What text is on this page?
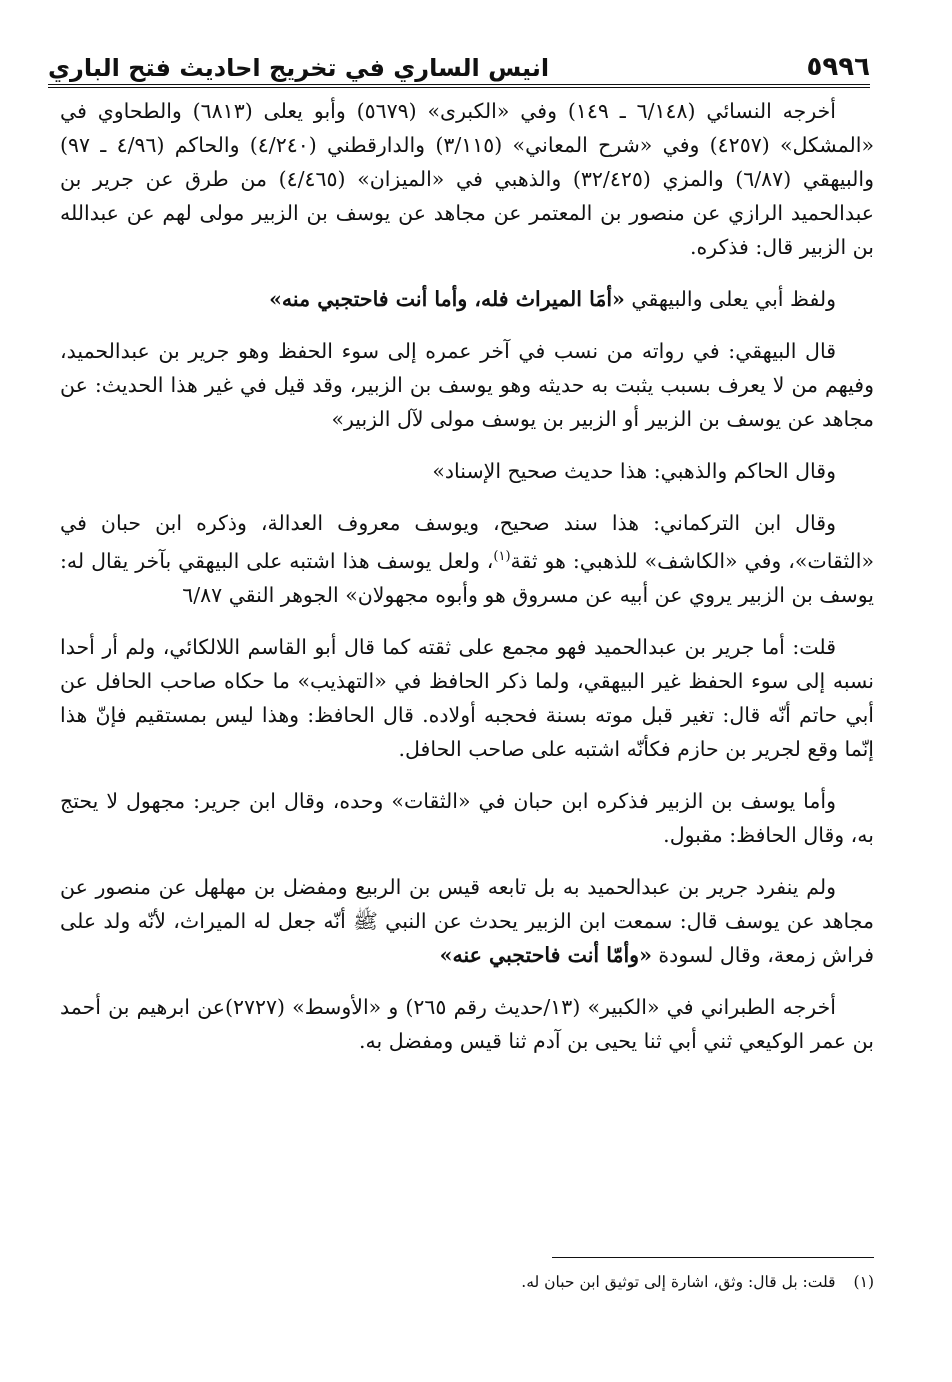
٥٩٩٦
انيس الساري في تخريج احاديث فتح الباري

أخرجه النسائي (٦/١٤٨ ـ ١٤٩) وفي «الكبرى» (٥٦٧٩) وأبو يعلى (٦٨١٣) والطحاوي في «المشكل» (٤٢٥٧) وفي «شرح المعاني» (٣/١١٥) والدارقطني (٤/٢٤٠) والحاكم (٤/٩٦ ـ ٩٧) والبيهقي (٦/٨٧) والمزي (٣٢/٤٢٥) والذهبي في «الميزان» (٤/٤٦٥) من طرق عن جرير بن عبدالحميد الرازي عن منصور بن المعتمر عن مجاهد عن يوسف بن الزبير مولى لهم عن عبدالله بن الزبير قال: فذكره.

ولفظ أبي يعلى والبيهقي «أمَا الميراث فله، وأما أنت فاحتجبي منه»

قال البيهقي: في رواته من نسب في آخر عمره إلى سوء الحفظ وهو جرير بن عبدالحميد، وفيهم من لا يعرف بسبب يثبت به حديثه وهو يوسف بن الزبير، وقد قيل في غير هذا الحديث: عن مجاهد عن يوسف بن الزبير أو الزبير بن يوسف مولى لآل الزبير»

وقال الحاكم والذهبي: هذا حديث صحيح الإسناد»

وقال ابن التركماني: هذا سند صحيح، ويوسف معروف العدالة، وذكره ابن حبان في «الثقات»، وفي «الكاشف» للذهبي: هو ثقة$^{(١)}$، ولعل يوسف هذا اشتبه على البيهقي بآخر يقال له: يوسف بن الزبير يروي عن أبيه عن مسروق هو وأبوه مجهولان» الجوهر النقي ٦/٨٧

قلت: أما جرير بن عبدالحميد فهو مجمع على ثقته كما قال أبو القاسم اللالكائي، ولم أر أحدا نسبه إلى سوء الحفظ غير البيهقي، ولما ذكر الحافظ في «التهذيب» ما حكاه صاحب الحافل عن أبي حاتم أنّه قال: تغير قبل موته بسنة فحجبه أولاده. قال الحافظ: وهذا ليس بمستقيم فإنّ هذا إنّما وقع لجرير بن حازم فكأنّه اشتبه على صاحب الحافل.

وأما يوسف بن الزبير فذكره ابن حبان في «الثقات» وحده، وقال ابن جرير: مجهول لا يحتج به، وقال الحافظ: مقبول.

ولم ينفرد جرير بن عبدالحميد به بل تابعه قيس بن الربيع ومفضل بن مهلهل عن منصور عن مجاهد عن يوسف قال: سمعت ابن الزبير يحدث عن النبي ﷺ أنّه جعل له الميراث، لأنّه ولد على فراش زمعة، وقال لسودة «وأمّا أنت فاحتجبي عنه»

أخرجه الطبراني في «الكبير» (١٣/حديث رقم ٢٦٥) و «الأوسط» (٢٧٢٧)عن ابرهيم بن أحمد بن عمر الوكيعي ثني أبي ثنا يحيى بن آدم ثنا قيس ومفضل به.

(١)قلت: بل قال: وثق، اشارة إلى توثيق ابن حبان له.
